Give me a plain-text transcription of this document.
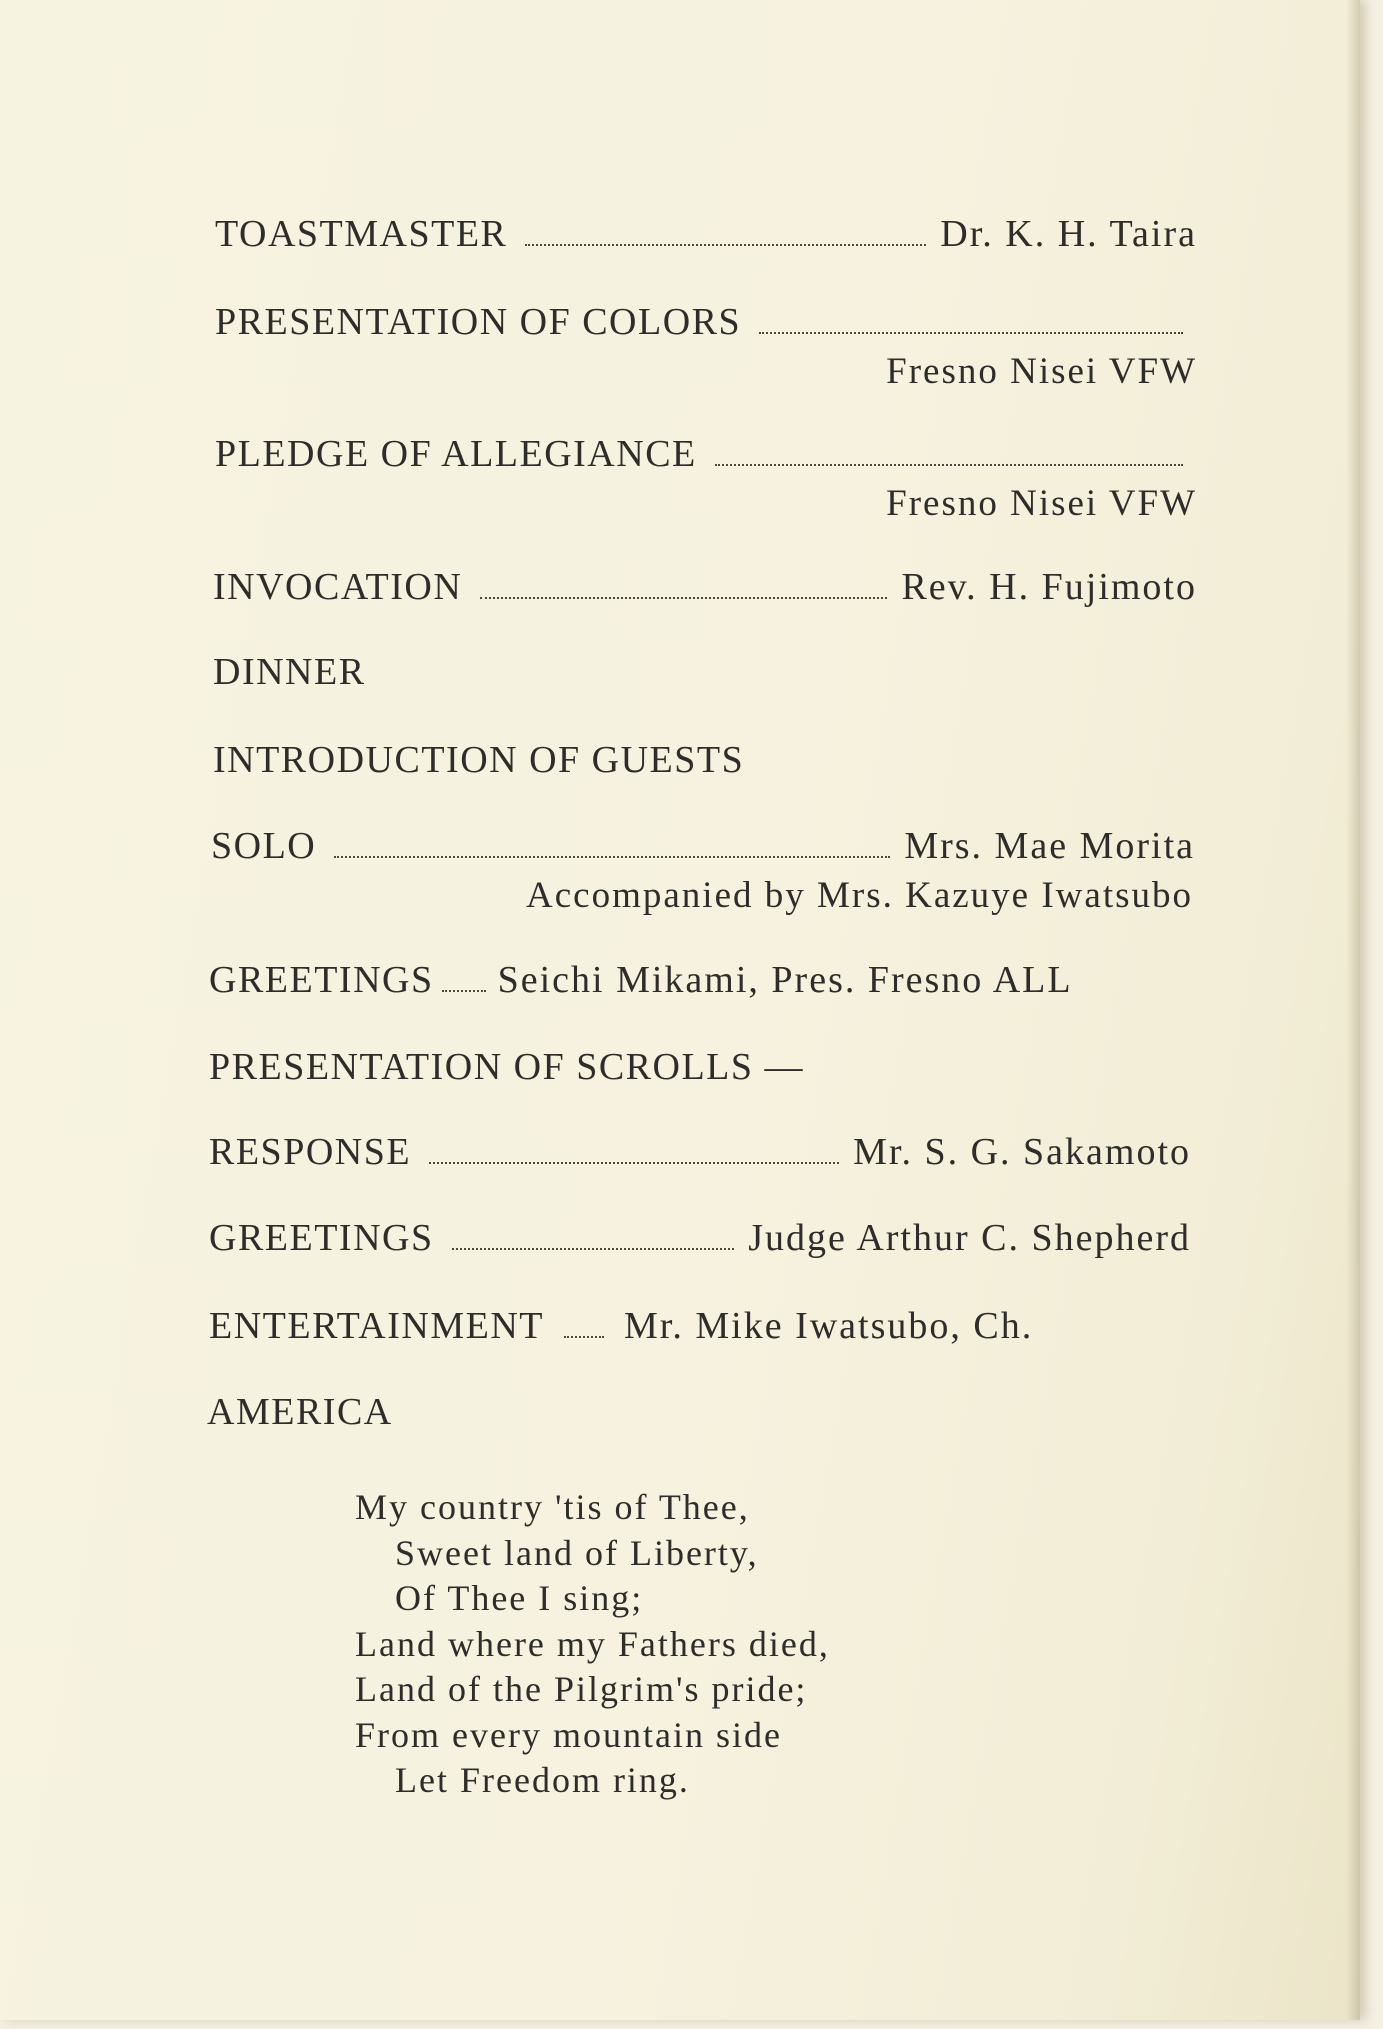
TOASTMASTER	Dr. K. H. Taira
PRESENTATION OF COLORS
Fresno Nisei VFW
PLEDGE OF ALLEGIANCE
Fresno Nisei VFW
INVOCATION	Rev. H. Fujimoto
DINNER
INTRODUCTION OF GUESTS
SOLO	Mrs. Mae Morita
Accompanied by Mrs. Kazuye Iwatsubo
GREETINGS Seichi Mikami, Pres. Fresno ALL
PRESENTATION OF SCROLLS —
RESPONSE	Mr. S. G. Sakamoto
GREETINGS	Judge Arthur C. Shepherd
ENTERTAINMENT Mr. Mike Iwatsubo, Ch.
AMERICA
My country 'tis of Thee,
Sweet land of Liberty,
Of Thee I sing;
Land where my Fathers died,
Land of the Pilgrim's pride;
From every mountain side
Let Freedom ring.
